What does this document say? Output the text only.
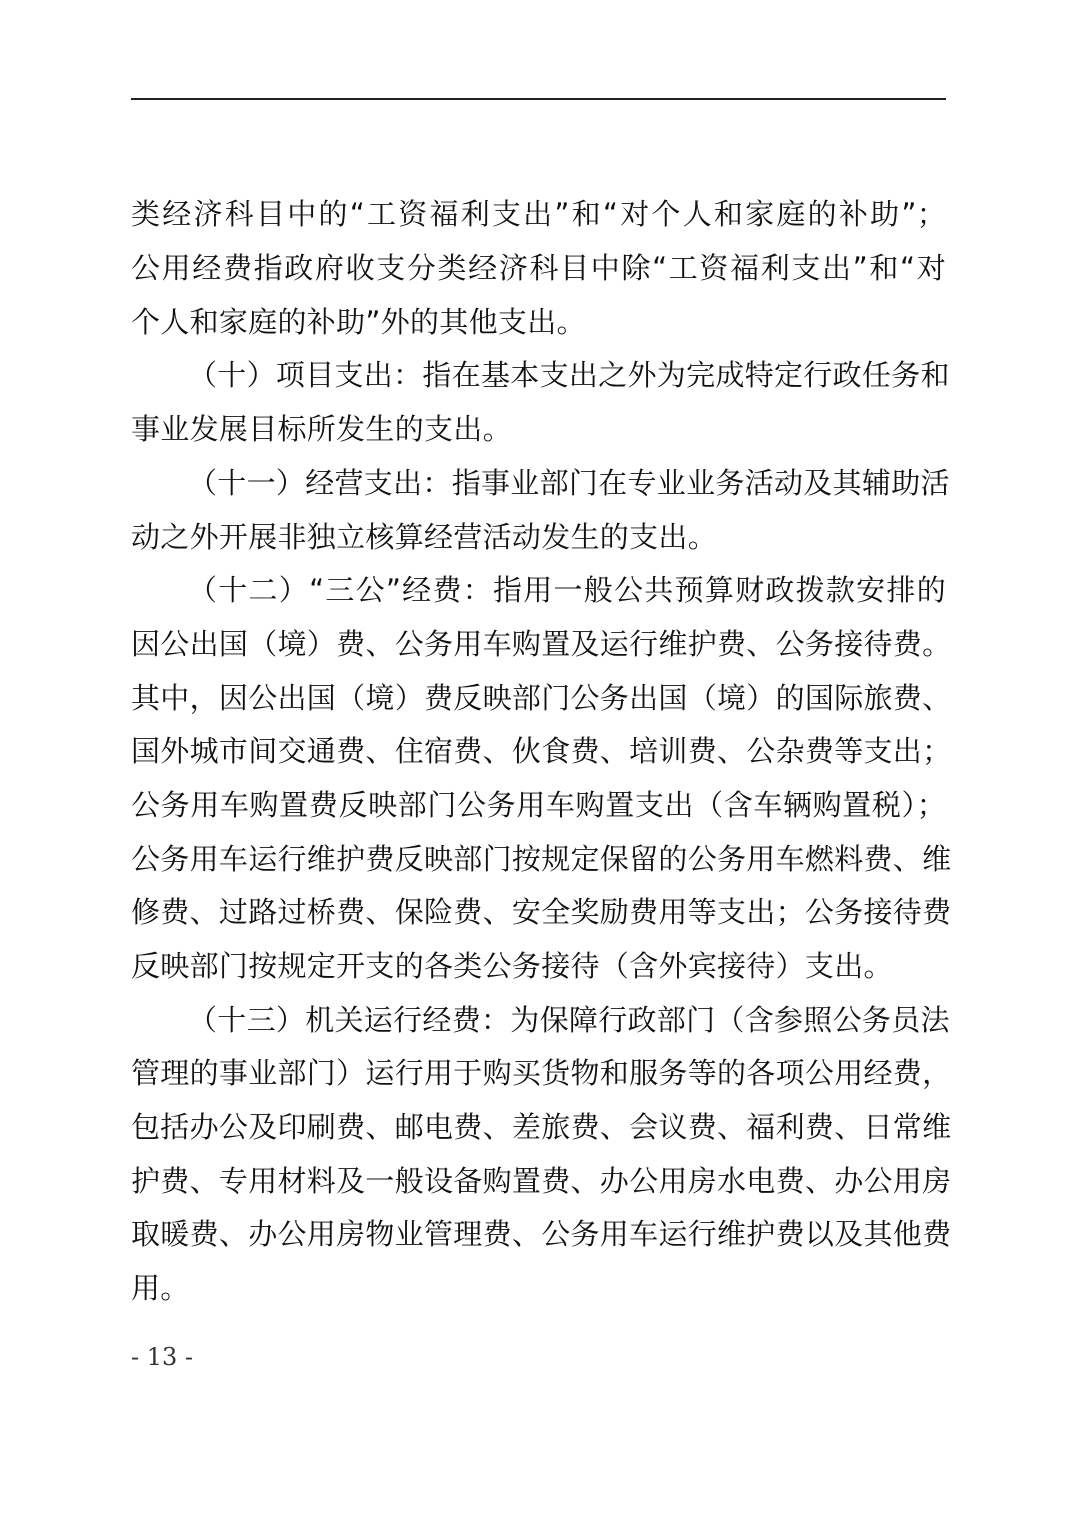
类经济科目中的“工资福利支出”和“对个人和家庭的补助”；
公用经费指政府收支分类经济科目中除“工资福利支出”和“对
个人和家庭的补助”外的其他支出。
（十）项目支出：指在基本支出之外为完成特定行政任务和
事业发展目标所发生的支出。
（十一）经营支出：指事业部门在专业业务活动及其辅助活
动之外开展非独立核算经营活动发生的支出。
（十二）“三公”经费：指用一般公共预算财政拨款安排的
因公出国（境）费、公务用车购置及运行维护费、公务接待费。
其中，因公出国（境）费反映部门公务出国（境）的国际旅费、
国外城市间交通费、住宿费、伙食费、培训费、公杂费等支出；
公务用车购置费反映部门公务用车购置支出（含车辆购置税）；
公务用车运行维护费反映部门按规定保留的公务用车燃料费、维
修费、过路过桥费、保险费、安全奖励费用等支出；公务接待费
反映部门按规定开支的各类公务接待（含外宾接待）支出。
（十三）机关运行经费：为保障行政部门（含参照公务员法
管理的事业部门）运行用于购买货物和服务等的各项公用经费，
包括办公及印刷费、邮电费、差旅费、会议费、福利费、日常维
护费、专用材料及一般设备购置费、办公用房水电费、办公用房
取暖费、办公用房物业管理费、公务用车运行维护费以及其他费
用。
- 13 -
